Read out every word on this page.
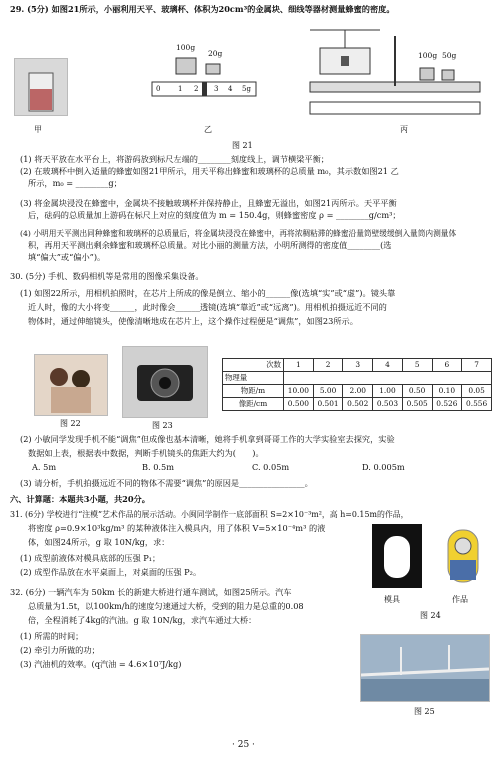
29. (5分) 如图21所示，小丽利用天平、玻璃杯、体积为20cm³的金属块、细线等器材测量蜂蜜的密度。
甲
100g
20g
0	1 2 3 4 5g
乙
100g 50g
丙
图 21
(1) 将天平放在水平台上，将游码放到标尺左端的________刻度线上，调节横梁平衡；
(2) 在玻璃杯中倒入适量的蜂蜜如图21甲所示，用天平称出蜂蜜和玻璃杯的总质量 m₀，其示数如图21 乙
所示，m₀ = ________g；
(3) 将金属块浸没在蜂蜜中，金属块不接触玻璃杯并保持静止，且蜂蜜无溢出，如图21丙所示。天平平衡
后，砝码的总质量加上游码在标尺上对应的刻度值为 m = 150.4g，则蜂蜜密度 ρ = ________g/cm³；
(4) 小明用天平测出同种蜂蜜和玻璃杯的总质量后，将金属块浸没在蜂蜜中，再将浓稠粘滞的蜂蜜沿量筒壁缓缓倒入量筒内测量体
积，再用天平测出剩余蜂蜜和玻璃杯总质量。对比小丽的测量方法，小明所测得的密度值________(选
填“偏大”或“偏小”)。
30. (5分) 手机、数码相机等是常用的图像采集设备。
(1) 如图22所示，用相机拍照时，在芯片上所成的像是倒立、缩小的______像(选填“实”或“虚”)。镜头靠
近人时，像的大小将变______，此时像会______透镜(选填“靠近”或“远离”)。用相机拍摄远近不同的
物体时，通过伸缩镜头，使像清晰地成在芯片上，这个操作过程便是“调焦”，如图23所示。
图 22	图 23
次数	1	2	3	4	5	6	7
物理量							
物距/m	10.00	5.00	2.00	1.00	0.50	0.10	0.05
像距/cm	0.500	0.501	0.502	0.503	0.505	0.526	0.556
(2) 小敏同学发现手机不能“调焦”但成像也基本清晰，她将手机拿到哥哥工作的大学实验室去探究，实验
数据如上表，根据表中数据，判断手机镜头的焦距大约为(　　)。
A. 5m	B. 0.5m	C. 0.05m	D. 0.005m
(3) 请分析，手机拍摄远近不同的物体不需要“调焦”的原因是________________。
六、计算题：本题共3小题，共20分。
31. (6分) 学校进行“注模”艺术作品的展示活动。小闽同学制作一底部面积 S=2×10⁻³m²，高 h=0.15m的作品，
将密度 ρ=0.9×10³kg/m³ 的某种液体注入模具内，用了体积 V=5×10⁻⁴m³ 的液
体，如图24所示，g 取 10N/kg，求：
(1) 成型前液体对模具底部的压强 P₁；
(2) 成型作品放在水平桌面上，对桌面的压强 P₂。
模具	作品
图 24
32. (6分) 一辆汽车为 50km 长的新建大桥进行通车测试，如图25所示。汽车
总质量为1.5t，以100km/h的速度匀速通过大桥，受到的阻力是总重的0.08
倍，全程消耗了4kg的汽油。g 取 10N/kg，求汽车通过大桥：
(1) 所需的时间；
(2) 牵引力所做的功；
(3) 汽油机的效率。(q汽油 = 4.6×10⁷J/kg)
图 25
· 25 ·
